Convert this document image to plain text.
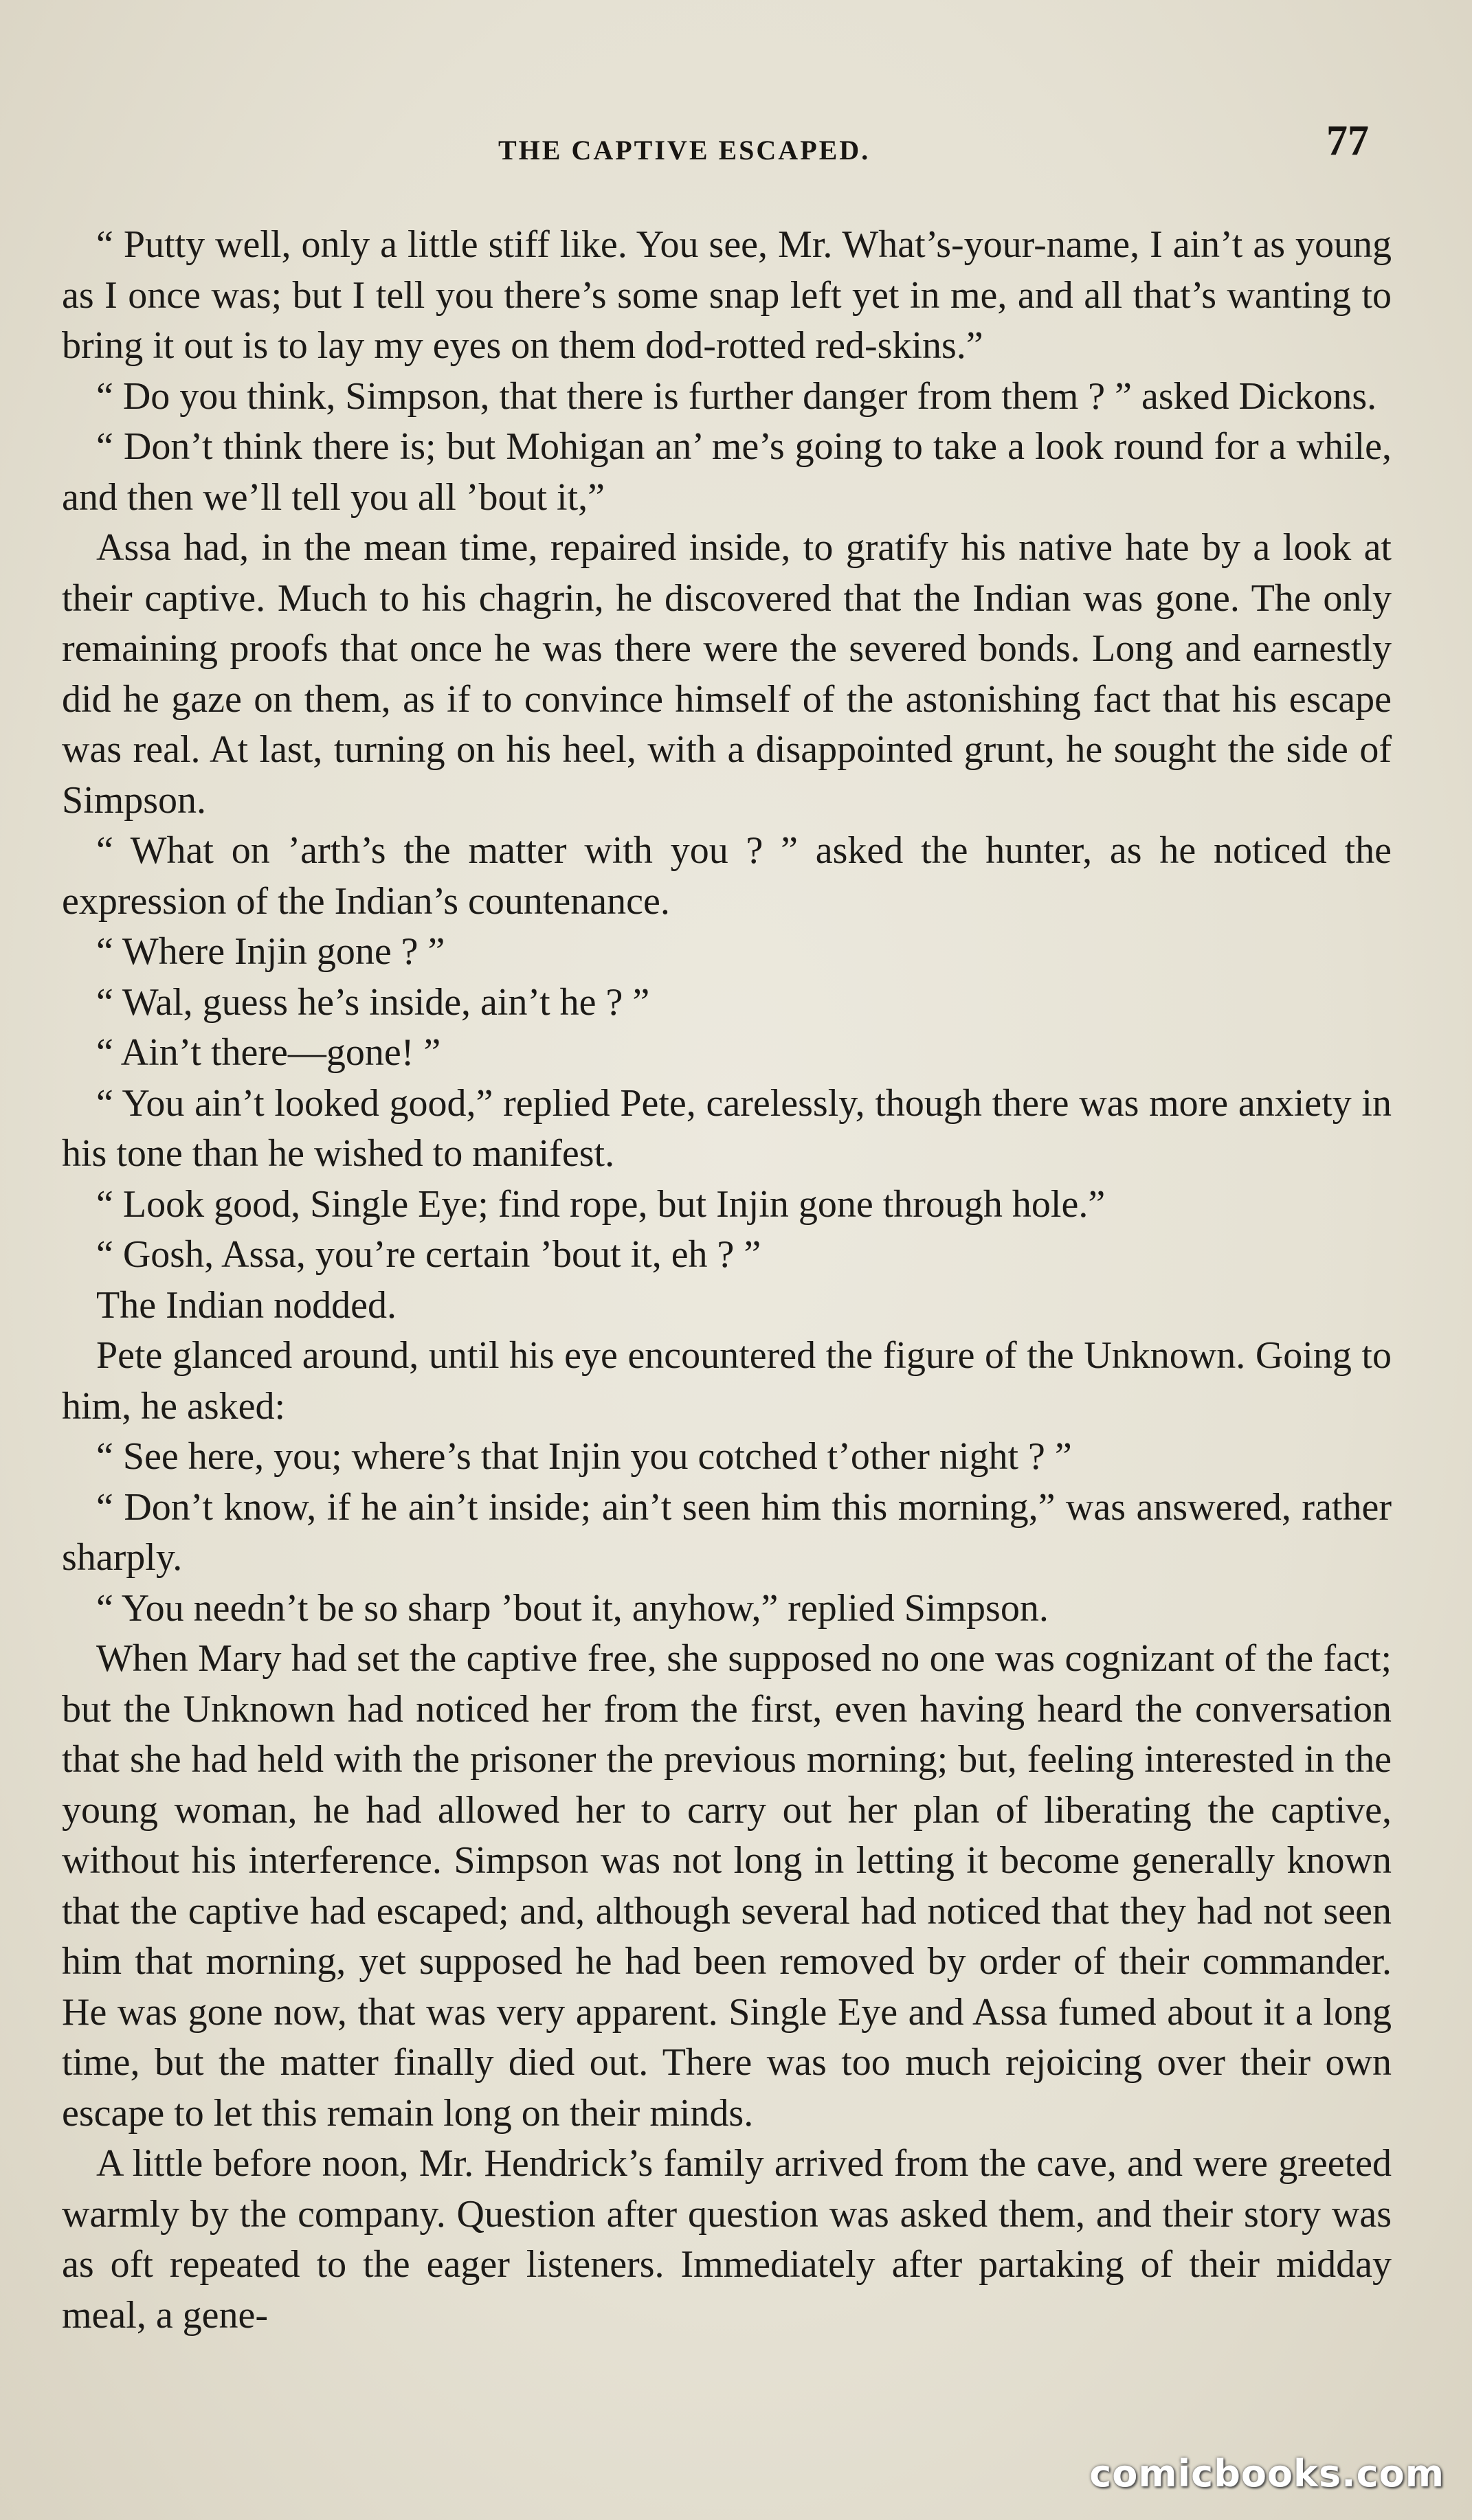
THE CAPTIVE ESCAPED.	77

“ Putty well, only a little stiff like. You see, Mr. What’s-your-name, I ain’t as young as I once was; but I tell you there’s some snap left yet in me, and all that’s wanting to bring it out is to lay my eyes on them dod-rotted red-skins.”

“ Do you think, Simpson, that there is further danger from them ? ” asked Dickons.

“ Don’t think there is; but Mohigan an’ me’s going to take a look round for a while, and then we’ll tell you all ’bout it,”

Assa had, in the mean time, repaired inside, to gratify his native hate by a look at their captive. Much to his chagrin, he discovered that the Indian was gone. The only remaining proofs that once he was there were the severed bonds. Long and earnestly did he gaze on them, as if to convince himself of the astonishing fact that his escape was real. At last, turning on his heel, with a disappointed grunt, he sought the side of Simpson.

“ What on ’arth’s the matter with you ? ” asked the hunter, as he noticed the expression of the Indian’s countenance.

“ Where Injin gone ? ”

“ Wal, guess he’s inside, ain’t he ? ”

“ Ain’t there—gone! ”

“ You ain’t looked good,” replied Pete, carelessly, though there was more anxiety in his tone than he wished to manifest.

“ Look good, Single Eye; find rope, but Injin gone through hole.”

“ Gosh, Assa, you’re certain ’bout it, eh ? ”

The Indian nodded.

Pete glanced around, until his eye encountered the figure of the Unknown. Going to him, he asked:

“ See here, you; where’s that Injin you cotched t’other night ? ”

“ Don’t know, if he ain’t inside; ain’t seen him this morning,” was answered, rather sharply.

“ You needn’t be so sharp ’bout it, anyhow,” replied Simpson.

When Mary had set the captive free, she supposed no one was cognizant of the fact; but the Unknown had noticed her from the first, even having heard the conversation that she had held with the prisoner the previous morning; but, feeling interested in the young woman, he had allowed her to carry out her plan of liberating the captive, without his interference. Simpson was not long in letting it become generally known that the captive had escaped; and, although several had noticed that they had not seen him that morning, yet supposed he had been removed by order of their commander. He was gone now, that was very apparent. Single Eye and Assa fumed about it a long time, but the matter finally died out. There was too much rejoicing over their own escape to let this remain long on their minds.

A little before noon, Mr. Hendrick’s family arrived from the cave, and were greeted warmly by the company. Question after question was asked them, and their story was as oft repeated to the eager listeners. Immediately after partaking of their midday meal, a gene-

comicbooks.com
